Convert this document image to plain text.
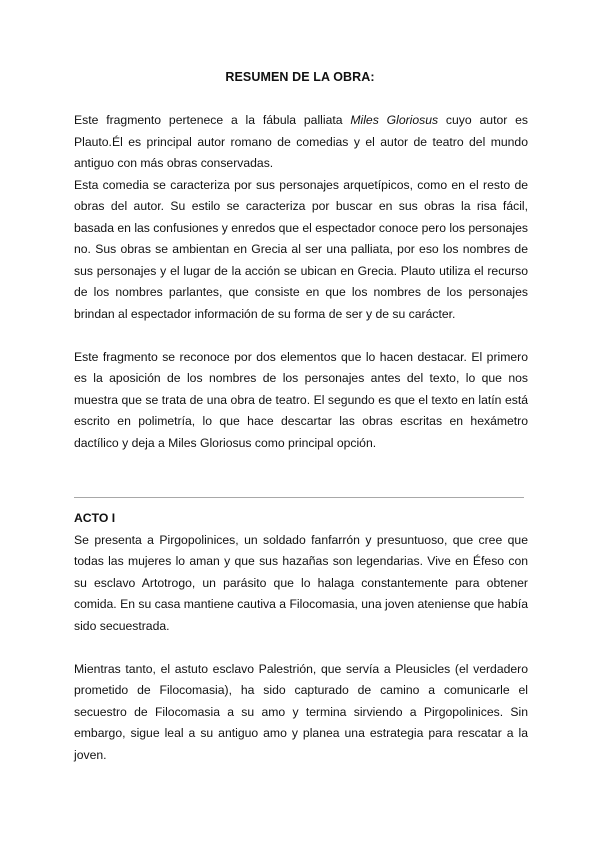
RESUMEN DE LA OBRA:

Este fragmento pertenece a la fábula palliata Miles Gloriosus cuyo autor es Plauto.Él es principal autor romano de comedias y el autor de teatro del mundo antiguo con más obras conservadas.

Esta comedia se caracteriza por sus personajes arquetípicos, como en el resto de obras del autor. Su estilo se caracteriza por buscar en sus obras la risa fácil, basada en las confusiones y enredos que el espectador conoce pero los personajes no. Sus obras se ambientan en Grecia al ser una palliata, por eso los nombres de sus personajes y el lugar de la acción se ubican en Grecia. Plauto utiliza el recurso de los nombres parlantes, que consiste en que los nombres de los personajes brindan al espectador información de su forma de ser y de su carácter.

Este fragmento se reconoce por dos elementos que lo hacen destacar. El primero es la aposición de los nombres de los personajes antes del texto, lo que nos muestra que se trata de una obra de teatro. El segundo es que el texto en latín está escrito en polimetría, lo que hace descartar las obras escritas en hexámetro dactílico y deja a Miles Gloriosus como principal opción.

ACTO I

Se presenta a Pirgopolinices, un soldado fanfarrón y presuntuoso, que cree que todas las mujeres lo aman y que sus hazañas son legendarias. Vive en Éfeso con su esclavo Artotrogo, un parásito que lo halaga constantemente para obtener comida. En su casa mantiene cautiva a Filocomasia, una joven ateniense que había sido secuestrada.

Mientras tanto, el astuto esclavo Palestrión, que servía a Pleusicles (el verdadero prometido de Filocomasia), ha sido capturado de camino a comunicarle el secuestro de Filocomasia a su amo y termina sirviendo a Pirgopolinices. Sin embargo, sigue leal a su antiguo amo y planea una estrategia para rescatar a la joven.
